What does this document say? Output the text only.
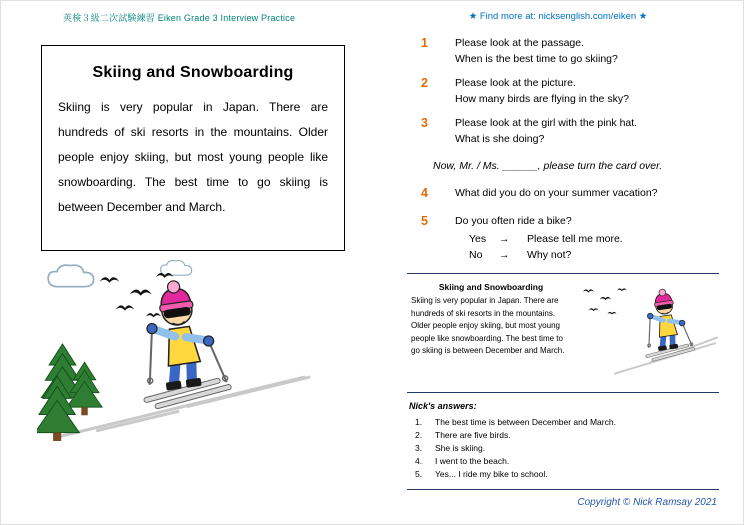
英検３級二次試験練習 Eiken Grade 3 Interview Practice	★ Find more at: nicksenglish.com/eiken ★
Skiing and Snowboarding

Skiing is very popular in Japan. There are hundreds of ski resorts in the mountains. Older people enjoy skiing, but most young people like snowboarding. The best time to go skiing is between December and March.

1	Please look at the passage.
When is the best time to go skiing?
2	Please look at the picture.
How many birds are flying in the sky?
3	Please look at the girl with the pink hat.
What is she doing?

Now, Mr. / Ms. ______, please turn the card over.

4	What did you do on your summer vacation?
5	Do you often ride a bike?
Yes	→	Please tell me more.
No	→	Why not?
Skiing and Snowboarding

Skiing is very popular in Japan. There are hundreds of ski resorts in the mountains. Older people enjoy skiing, but most young people like snowboarding. The best time to go skiing is between December and March.

Nick's answers:
1.	The best time is between December and March.
2.	There are five birds.
3.	She is skiing.
4.	I went to the beach.
5.	Yes... I ride my bike to school.
Copyright © Nick Ramsay 2021
